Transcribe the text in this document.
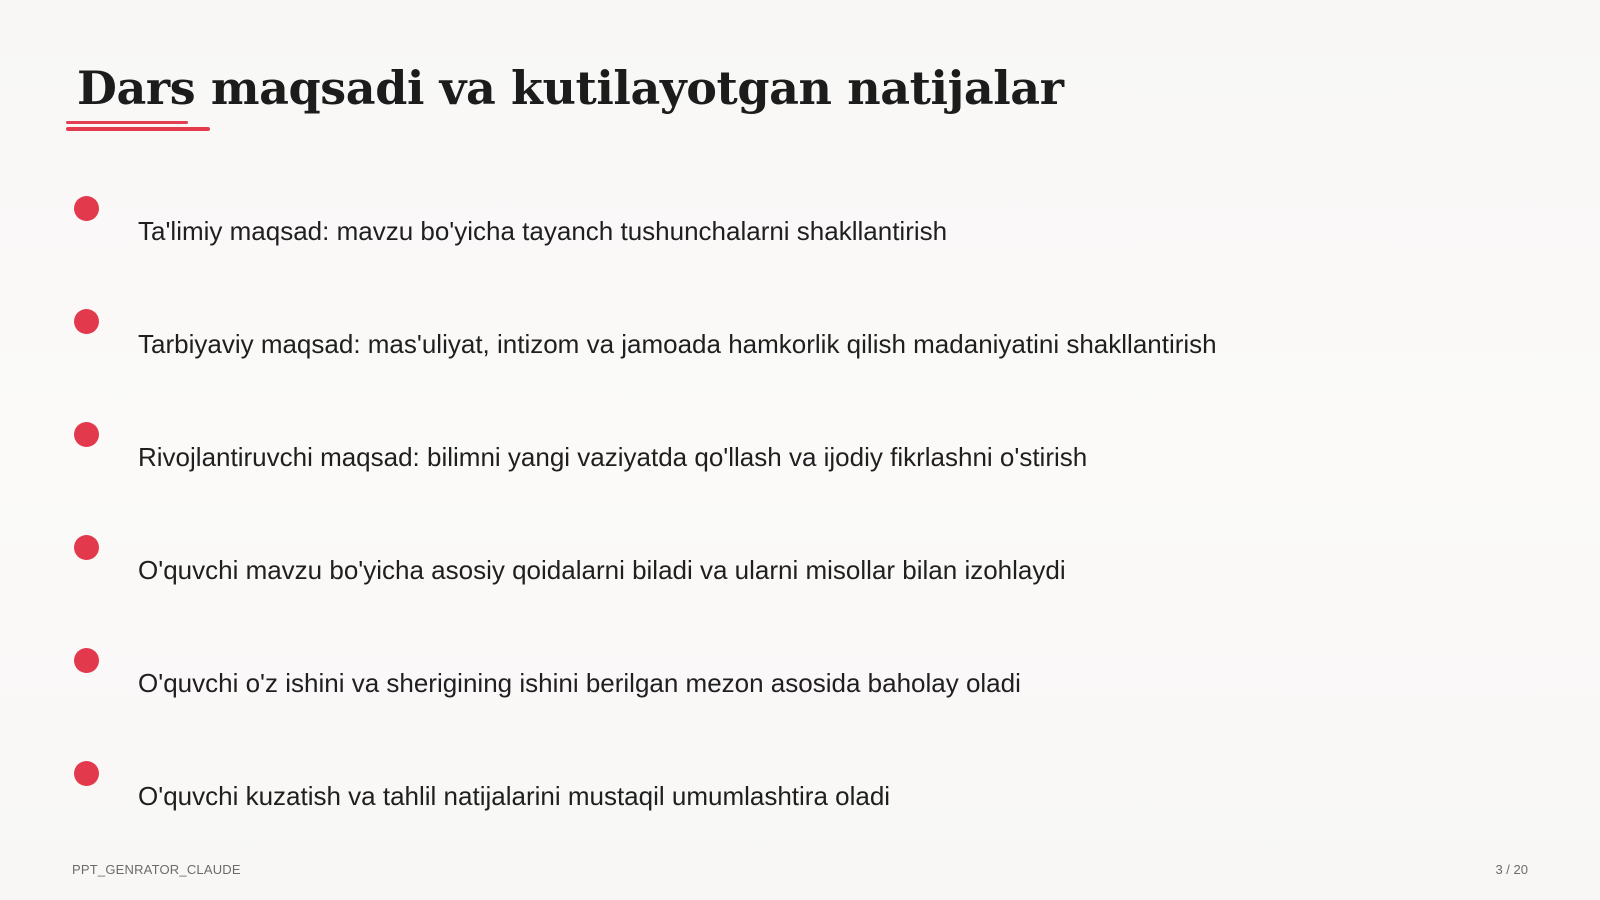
Dars maqsadi va kutilayotgan natijalar
Ta'limiy maqsad: mavzu bo'yicha tayanch tushunchalarni shakllantirish
Tarbiyaviy maqsad: mas'uliyat, intizom va jamoada hamkorlik qilish madaniyatini shakllantirish
Rivojlantiruvchi maqsad: bilimni yangi vaziyatda qo'llash va ijodiy fikrlashni o'stirish
O'quvchi mavzu bo'yicha asosiy qoidalarni biladi va ularni misollar bilan izohlaydi
O'quvchi o'z ishini va sherigining ishini berilgan mezon asosida baholay oladi
O'quvchi kuzatish va tahlil natijalarini mustaqil umumlashtira oladi
PPT_GENRATOR_CLAUDE	3 / 20
